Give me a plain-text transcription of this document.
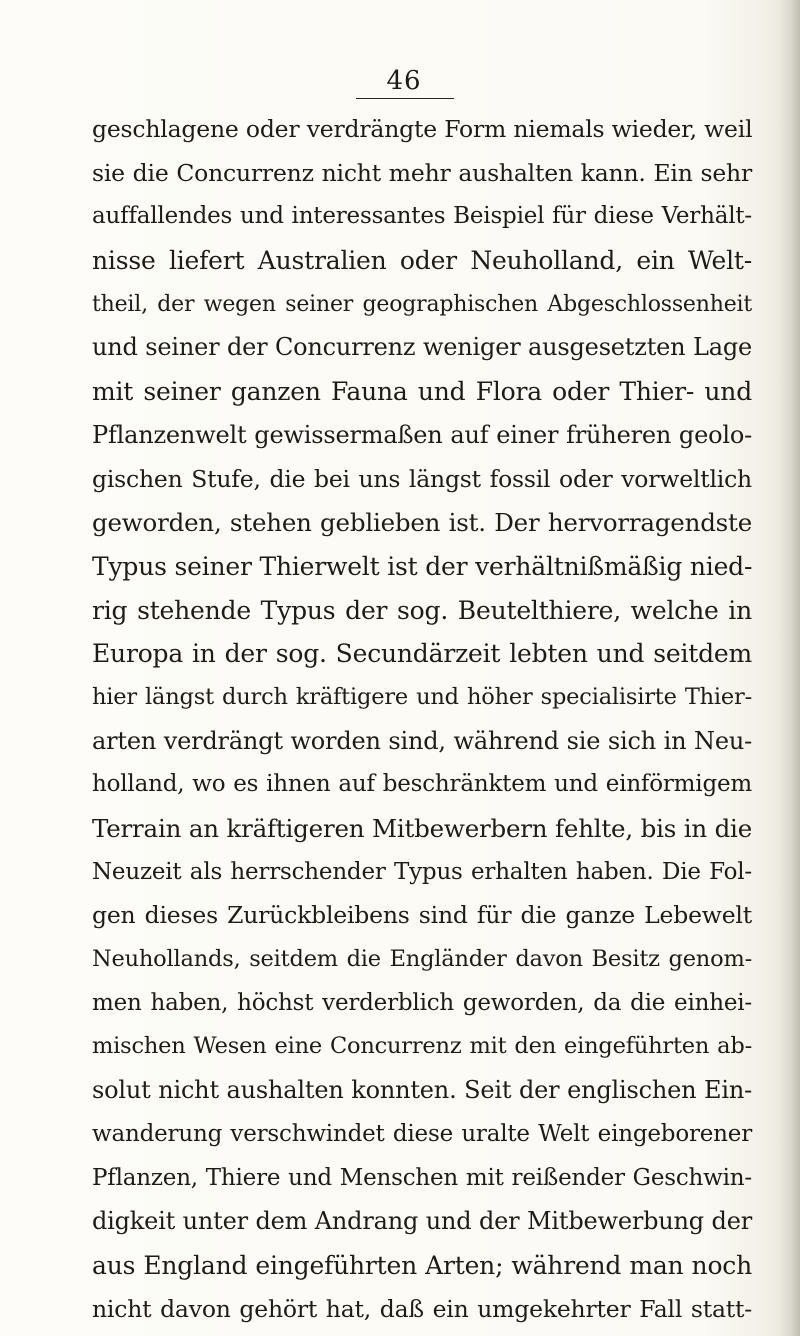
46
geschlagene oder verdrängte Form niemals wieder, weil
sie die Concurrenz nicht mehr aushalten kann. Ein sehr
auffallendes und interessantes Beispiel für diese Verhält-
nisse liefert Australien oder Neuholland, ein Welt-
theil, der wegen seiner geographischen Abgeschlossenheit
und seiner der Concurrenz weniger ausgesetzten Lage
mit seiner ganzen Fauna und Flora oder Thier- und
Pflanzenwelt gewissermaßen auf einer früheren geolo-
gischen Stufe, die bei uns längst fossil oder vorweltlich
geworden, stehen geblieben ist. Der hervorragendste
Typus seiner Thierwelt ist der verhältnißmäßig nied-
rig stehende Typus der sog. Beutelthiere, welche in
Europa in der sog. Secundärzeit lebten und seitdem
hier längst durch kräftigere und höher specialisirte Thier-
arten verdrängt worden sind, während sie sich in Neu-
holland, wo es ihnen auf beschränktem und einförmigem
Terrain an kräftigeren Mitbewerbern fehlte, bis in die
Neuzeit als herrschender Typus erhalten haben. Die Fol-
gen dieses Zurückbleibens sind für die ganze Lebewelt
Neuhollands, seitdem die Engländer davon Besitz genom-
men haben, höchst verderblich geworden, da die einhei-
mischen Wesen eine Concurrenz mit den eingeführten ab-
solut nicht aushalten konnten. Seit der englischen Ein-
wanderung verschwindet diese uralte Welt eingeborener
Pflanzen, Thiere und Menschen mit reißender Geschwin-
digkeit unter dem Andrang und der Mitbewerbung der
aus England eingeführten Arten; während man noch
nicht davon gehört hat, daß ein umgekehrter Fall statt-
